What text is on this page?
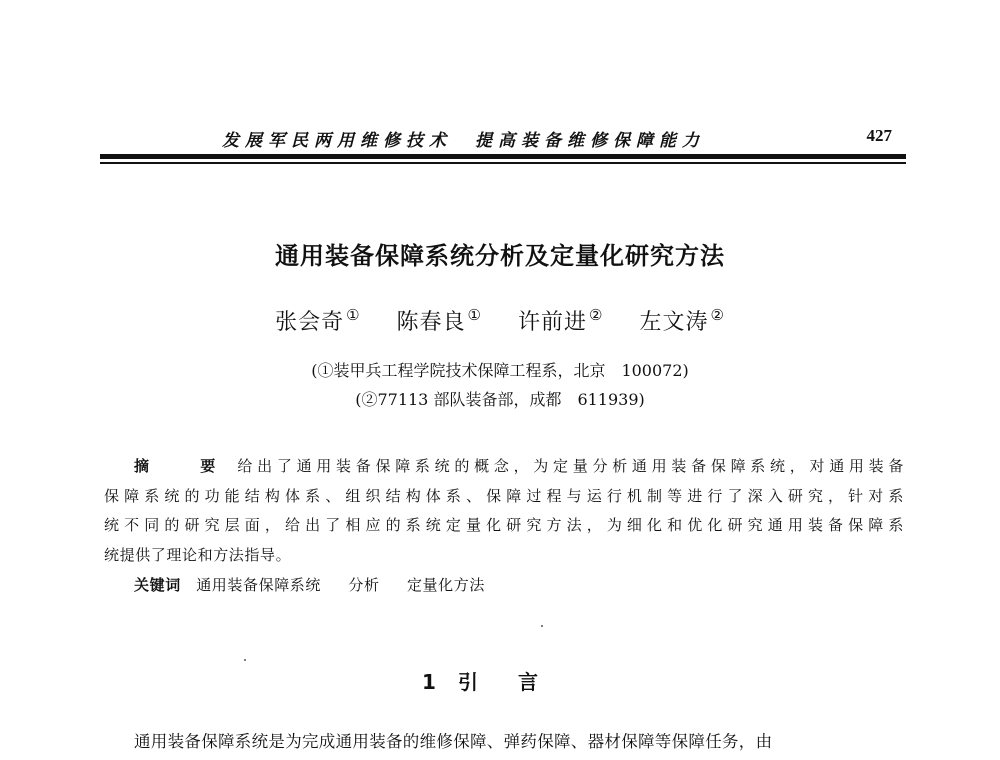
发展军民两用维修技术　提高装备维修保障能力	427
通用装备保障系统分析及定量化研究方法
张会奇 ① 陈春良 ① 许前进 ② 左文涛 ②
(①装甲兵工程学院技术保障工程系，北京　100072)
(②77113 部队装备部，成都　611939)
摘　要 给出了通用装备保障系统的概念，为定量分析通用装备保障系统，对通用装备
保障系统的功能结构体系、组织结构体系、保障过程与运行机制等进行了深入研究，针对系
统不同的研究层面，给出了相应的系统定量化研究方法，为细化和优化研究通用装备保障系
统提供了理论和方法指导。
关键词 通用装备保障系统 分析 定量化方法
1 引言
通用装备保障系统是为完成通用装备的维修保障、弹药保障、器材保障等保障任务，由
